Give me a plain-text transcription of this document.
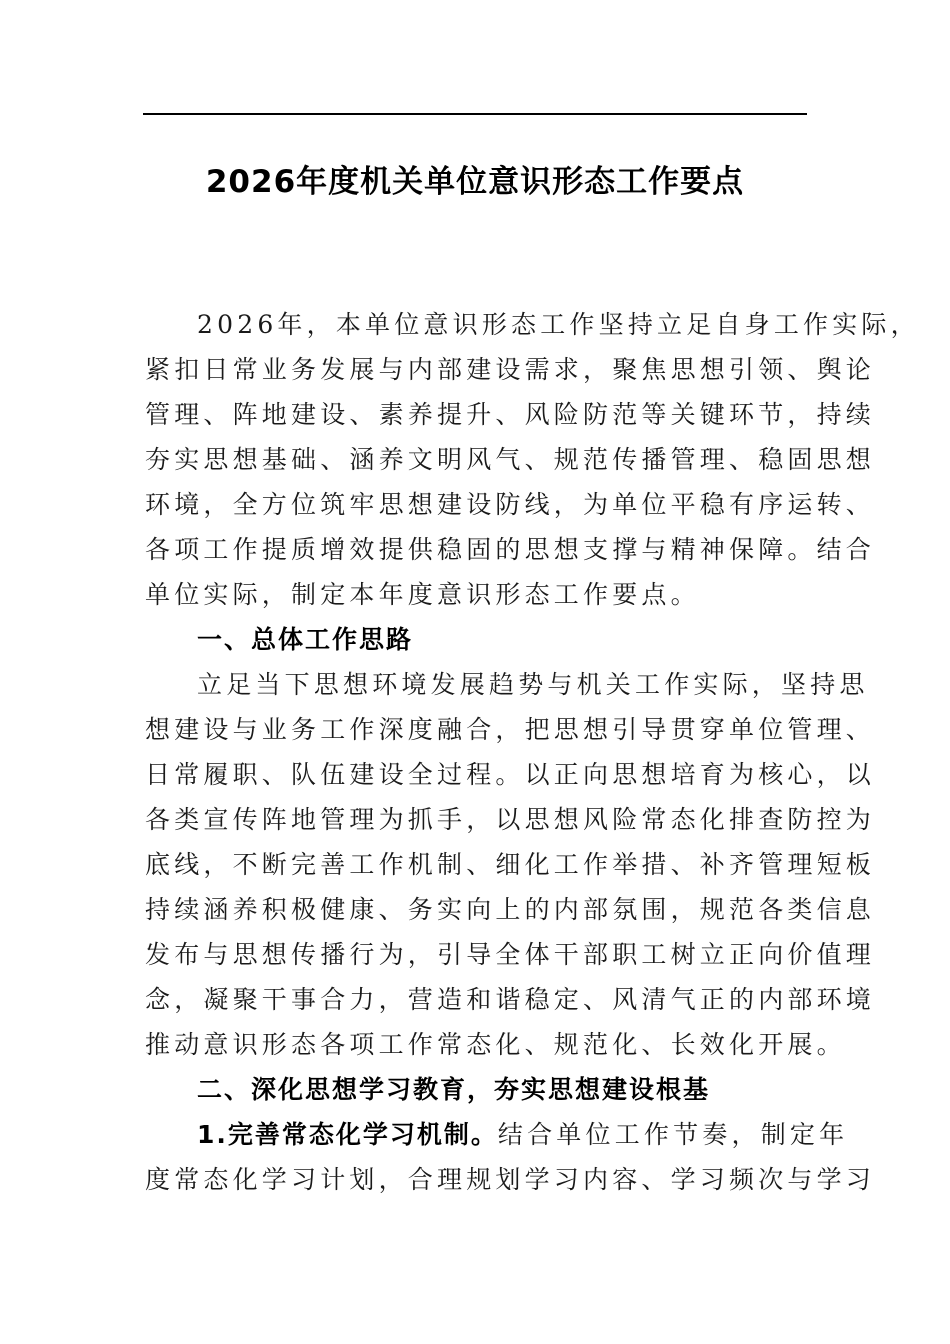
2026年度机关单位意识形态工作要点
2026年，本单位意识形态工作坚持立足自身工作实际，
紧扣日常业务发展与内部建设需求，聚焦思想引领、舆论
管理、阵地建设、素养提升、风险防范等关键环节，持续
夯实思想基础、涵养文明风气、规范传播管理、稳固思想
环境，全方位筑牢思想建设防线，为单位平稳有序运转、
各项工作提质增效提供稳固的思想支撑与精神保障。结合
单位实际，制定本年度意识形态工作要点。
一、总体工作思路
立足当下思想环境发展趋势与机关工作实际，坚持思
想建设与业务工作深度融合，把思想引导贯穿单位管理、
日常履职、队伍建设全过程。以正向思想培育为核心，以
各类宣传阵地管理为抓手，以思想风险常态化排查防控为
底线，不断完善工作机制、细化工作举措、补齐管理短板
持续涵养积极健康、务实向上的内部氛围，规范各类信息
发布与思想传播行为，引导全体干部职工树立正向价值理
念，凝聚干事合力，营造和谐稳定、风清气正的内部环境
推动意识形态各项工作常态化、规范化、长效化开展。
二、深化思想学习教育，夯实思想建设根基
1.完善常态化学习机制。结合单位工作节奏，制定年
度常态化学习计划，合理规划学习内容、学习频次与学习
